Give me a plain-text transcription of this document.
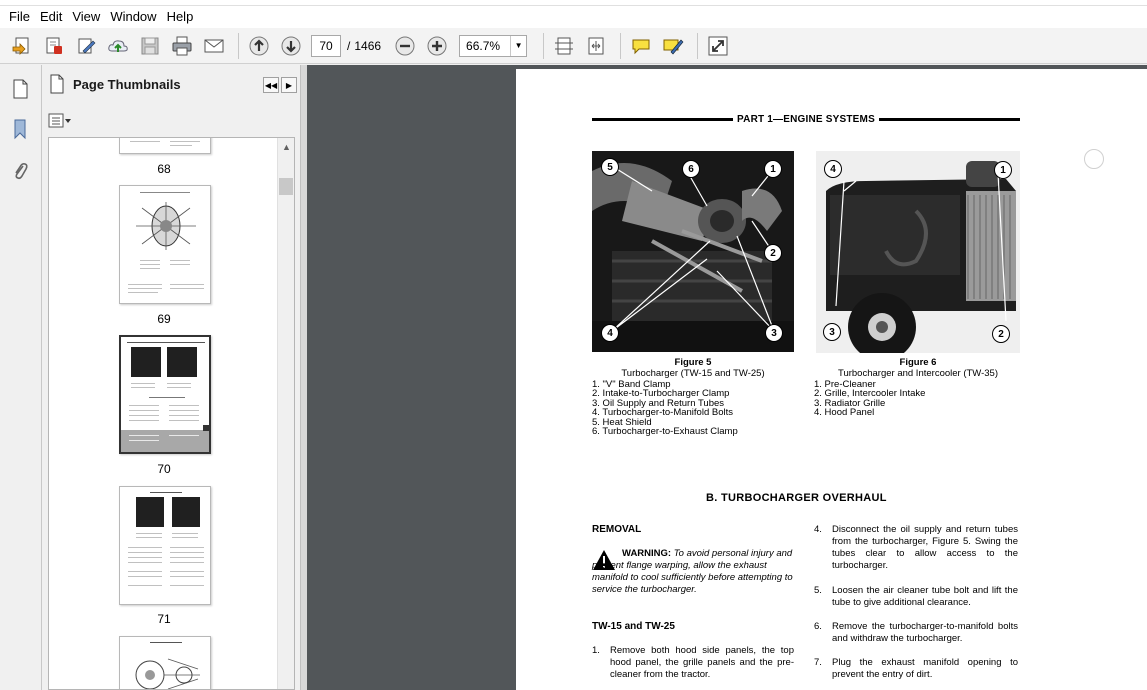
File Edit View Window Help
70
/ 1466	66.7%	▼
Page Thumbnails	◀◀ ▶
68
69
70
71
▲
PART 1—ENGINE SYSTEMS
5	6	1
2
4	3
Figure 5
Turbocharger (TW-15 and TW-25)
1. "V" Band Clamp
2. Intake-to-Turbocharger Clamp
3. Oil Supply and Return Tubes
4. Turbocharger-to-Manifold Bolts
5. Heat Shield
6. Turbocharger-to-Exhaust Clamp
4	1
3	2
Figure 6
Turbocharger and Intercooler (TW-35)
1. Pre-Cleaner
2. Grille, Intercooler Intake
3. Radiator Grille
4. Hood Panel
B. TURBOCHARGER OVERHAUL
REMOVAL
WARNING: To avoid personal injury and prevent flange warping, allow the exhaust manifold to cool sufficiently before attempting to service the turbocharger.
TW-15 and TW-25
1. Remove both hood side panels, the top hood panel, the grille panels and the pre-cleaner from the tractor.
4. Disconnect the oil supply and return tubes from the turbocharger, Figure 5. Swing the tubes clear to allow access to the turbocharger.
5. Loosen the air cleaner tube bolt and lift the tube to give additional clearance.
6. Remove the turbocharger-to-manifold bolts and withdraw the turbocharger.
7. Plug the exhaust manifold opening to prevent the entry of dirt.
